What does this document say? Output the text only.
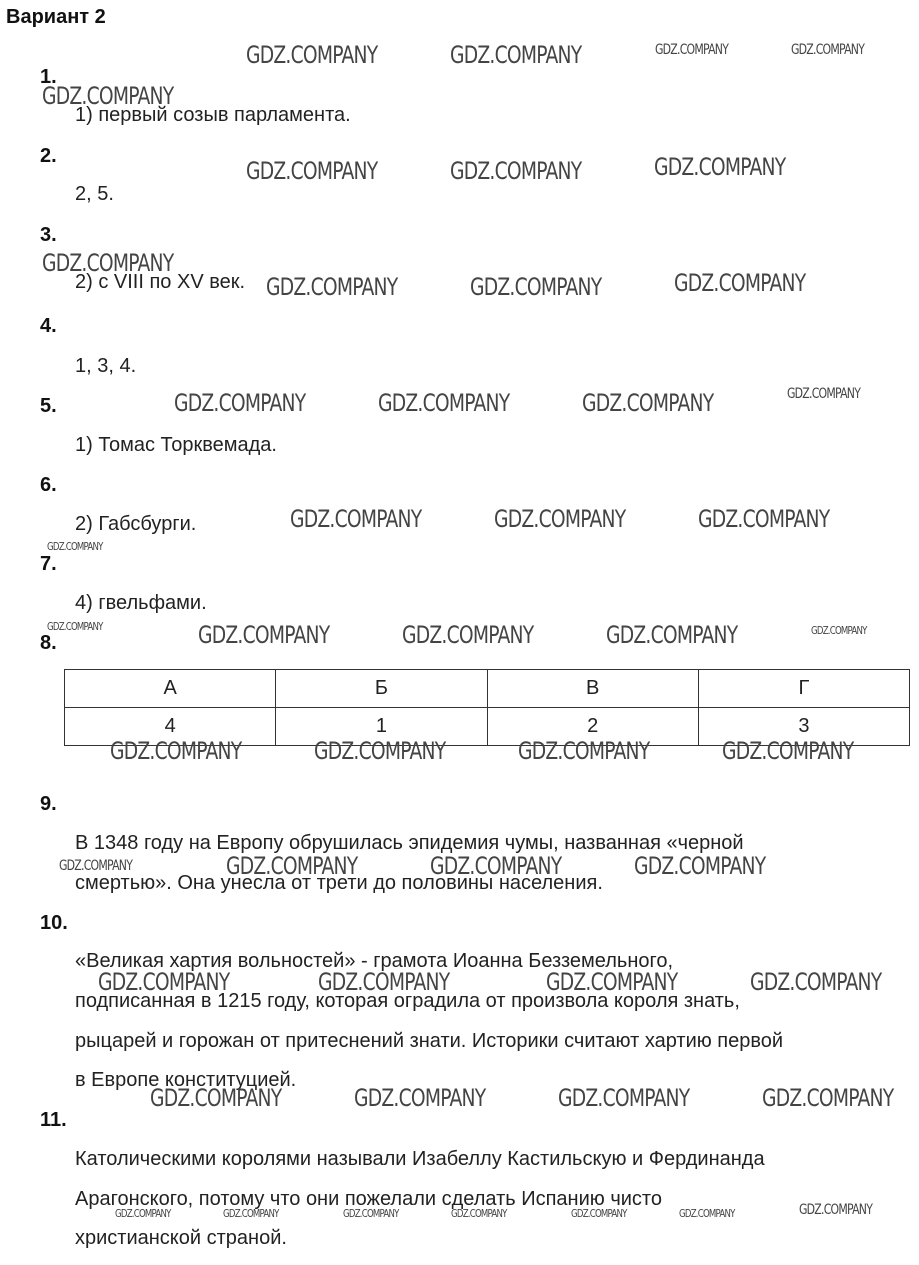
Вариант 2
1.
1) первый созыв парламента.
2.
2, 5.
3.
2) с VIII по XV век.
4.
1, 3, 4.
5.
1) Томас Торквемада.
6.
2) Габсбурги.
7.
4) гвельфами.
8.
А	Б	В	Г
4	1	2	3
9.
В 1348 году на Европу обрушилась эпидемия чумы, названная «черной
смертью». Она унесла от трети до половины населения.
10.
«Великая хартия вольностей» - грамота Иоанна Безземельного,
подписанная в 1215 году, которая оградила от произвола короля знать,
рыцарей и горожан от притеснений знати. Историки считают хартию первой
в Европе конституцией.
11.
Католическими королями называли Изабеллу Кастильскую и Фердинанда
Арагонского, потому что они пожелали сделать Испанию чисто
христианской страной.
GDZ.COMPANY	GDZ.COMPANY	GDZ.COMPANY	GDZ.COMPANY
GDZ.COMPANY
GDZ.COMPANY	GDZ.COMPANY	GDZ.COMPANY
GDZ.COMPANY
GDZ.COMPANY	GDZ.COMPANY	GDZ.COMPANY
GDZ.COMPANY	GDZ.COMPANY	GDZ.COMPANY	GDZ.COMPANY
GDZ.COMPANY	GDZ.COMPANY	GDZ.COMPANY
GDZ.COMPANY
GDZ.COMPANY	GDZ.COMPANY	GDZ.COMPANY	GDZ.COMPANY	GDZ.COMPANY
GDZ.COMPANY	GDZ.COMPANY	GDZ.COMPANY	GDZ.COMPANY
GDZ.COMPANY	GDZ.COMPANY	GDZ.COMPANY	GDZ.COMPANY
GDZ.COMPANY	GDZ.COMPANY	GDZ.COMPANY	GDZ.COMPANY
GDZ.COMPANY	GDZ.COMPANY	GDZ.COMPANY	GDZ.COMPANY
GDZ.COMPANY	GDZ.COMPANY	GDZ.COMPANY	GDZ.COMPANY	GDZ.COMPANY	GDZ.COMPANY	GDZ.COMPANY
